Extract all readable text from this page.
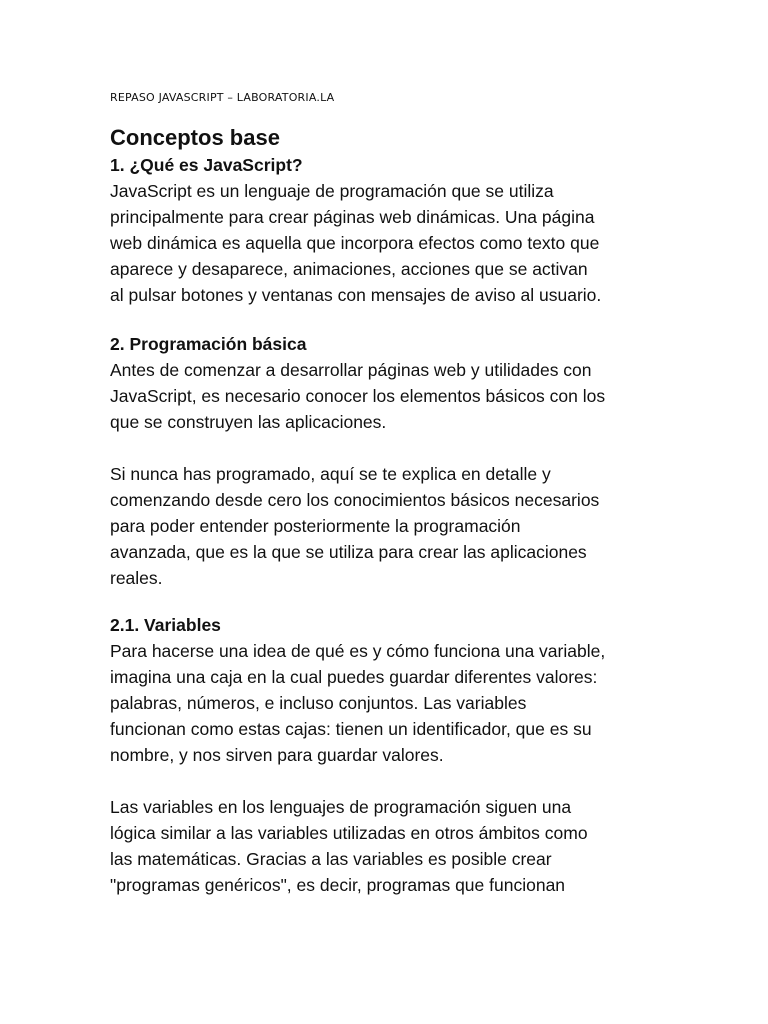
REPASO JAVASCRIPT – LABORATORIA.LA
Conceptos base
1. ¿Qué es JavaScript?

JavaScript es un lenguaje de programación que se utiliza
principalmente para crear páginas web dinámicas. Una página
web dinámica es aquella que incorpora efectos como texto que
aparece y desaparece, animaciones, acciones que se activan
al pulsar botones y ventanas con mensajes de aviso al usuario.

2. Programación básica

Antes de comenzar a desarrollar páginas web y utilidades con
JavaScript, es necesario conocer los elementos básicos con los
que se construyen las aplicaciones.

Si nunca has programado, aquí se te explica en detalle y
comenzando desde cero los conocimientos básicos necesarios
para poder entender posteriormente la programación
avanzada, que es la que se utiliza para crear las aplicaciones
reales.

2.1. Variables

Para hacerse una idea de qué es y cómo funciona una variable,
imagina una caja en la cual puedes guardar diferentes valores:
palabras, números, e incluso conjuntos. Las variables
funcionan como estas cajas: tienen un identificador, que es su
nombre, y nos sirven para guardar valores.

Las variables en los lenguajes de programación siguen una
lógica similar a las variables utilizadas en otros ámbitos como
las matemáticas. Gracias a las variables es posible crear
"programas genéricos", es decir, programas que funcionan
